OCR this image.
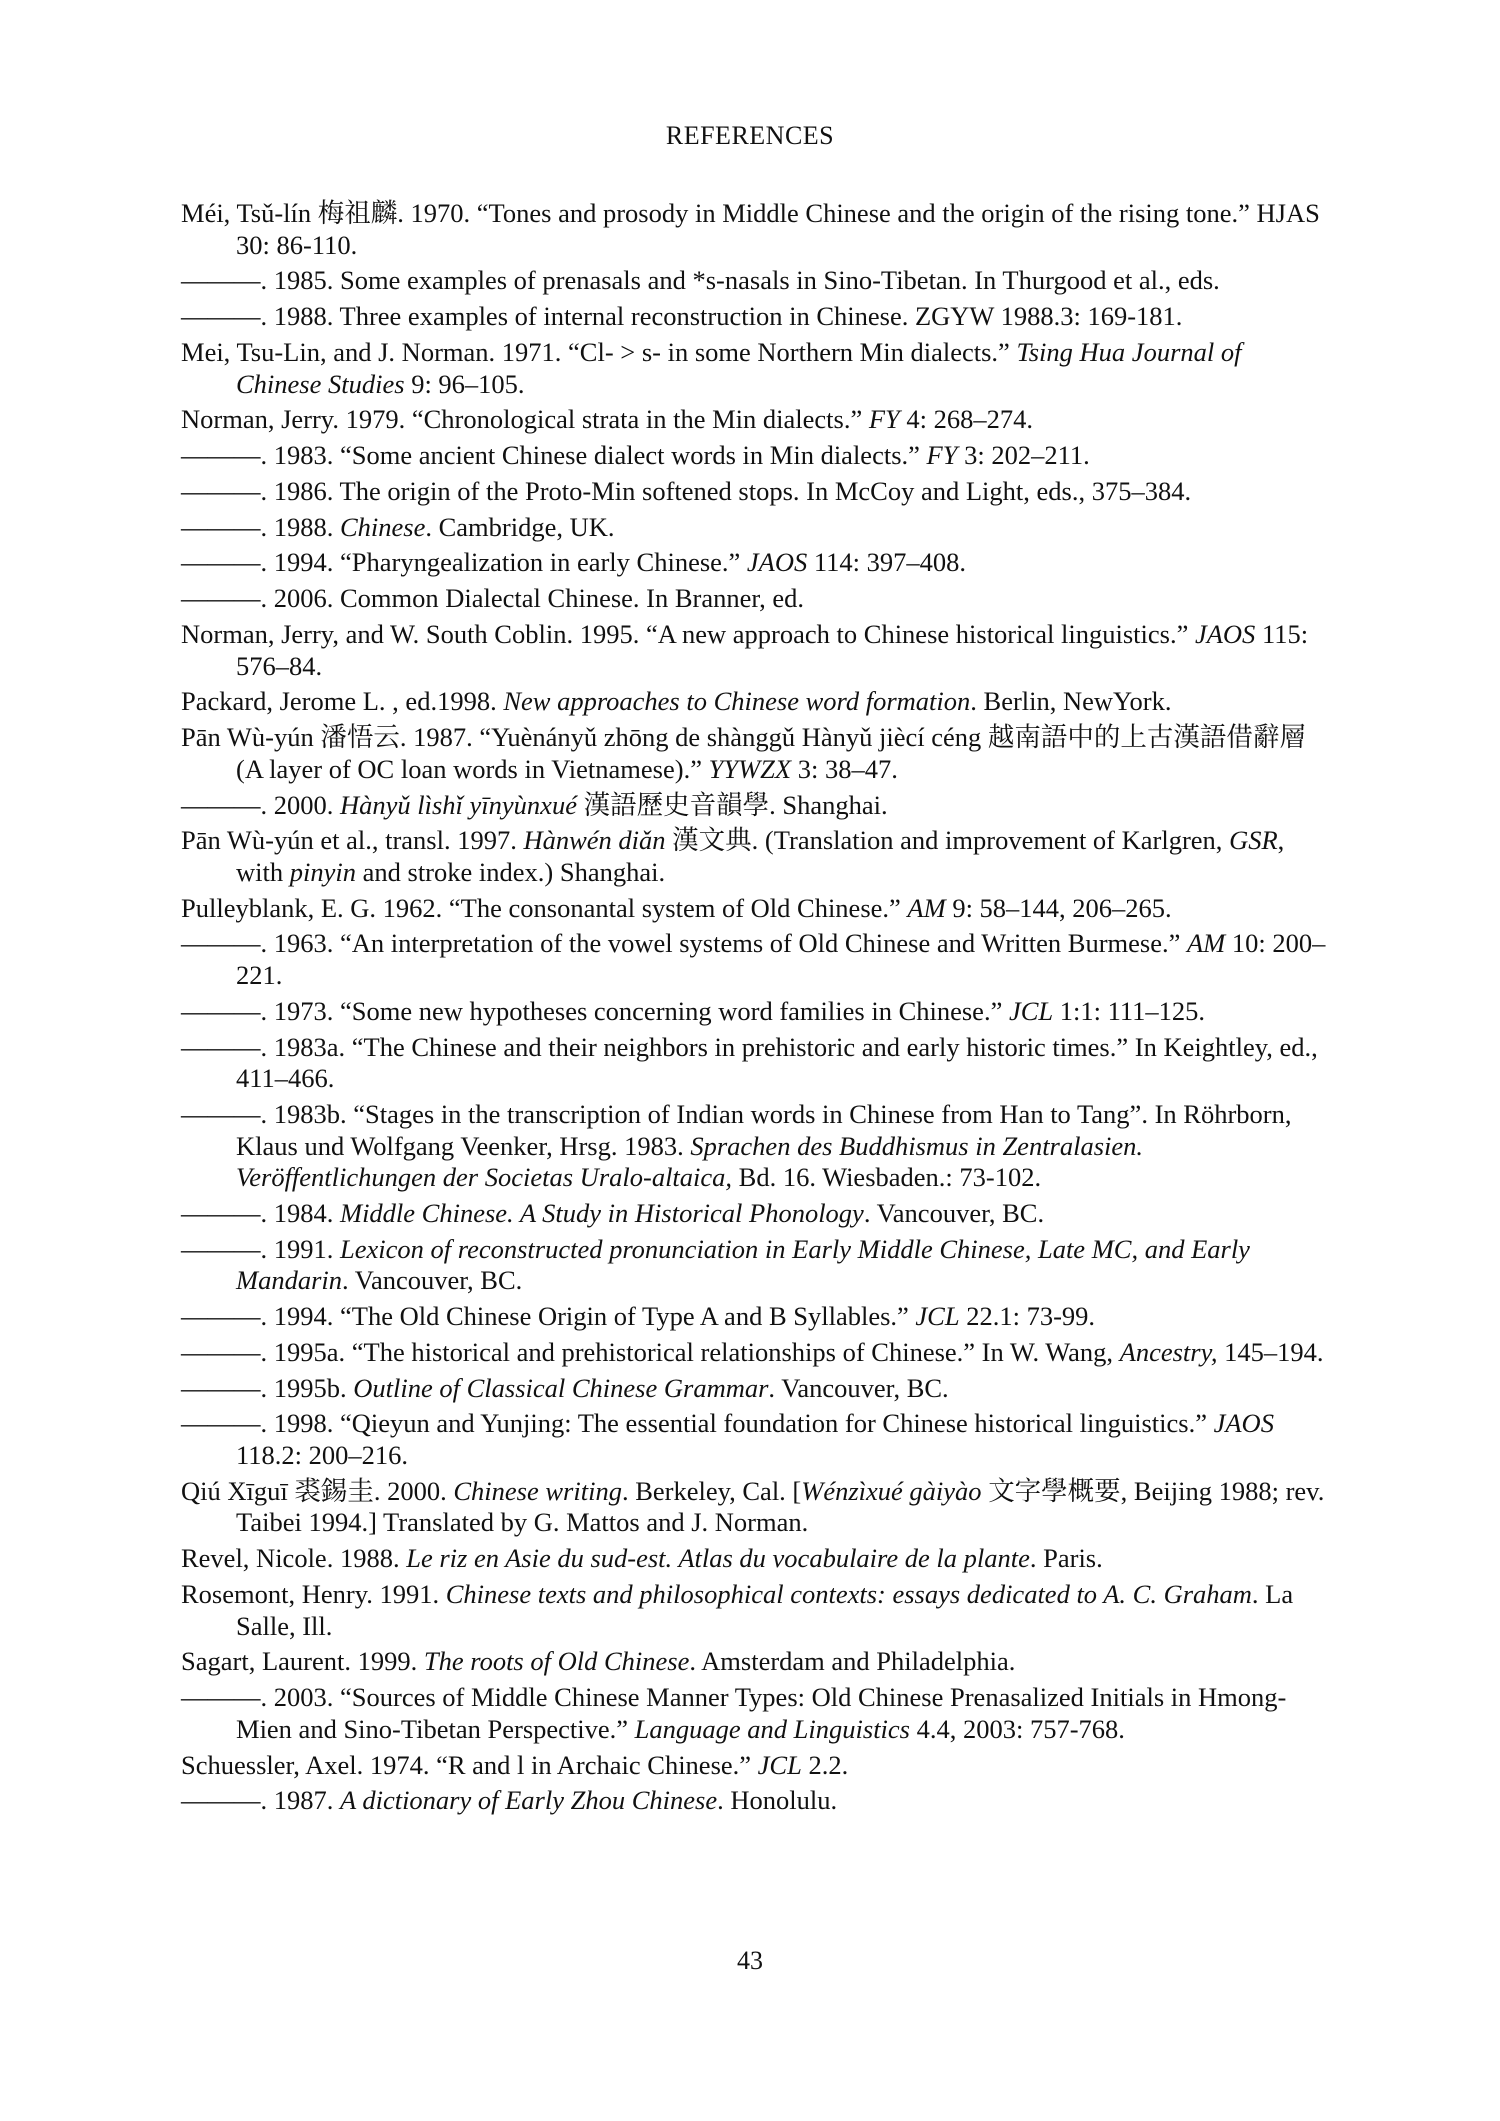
REFERENCES

Méi, Tsǔ-lín 梅祖麟. 1970. “Tones and prosody in Middle Chinese and the origin of the rising tone.” HJAS 30: 86-110.

———. 1985. Some examples of prenasals and *s-nasals in Sino-Tibetan. In Thurgood et al., eds.

———. 1988. Three examples of internal reconstruction in Chinese. ZGYW 1988.3: 169-181.

Mei, Tsu-Lin, and J. Norman. 1971. “Cl- > s- in some Northern Min dialects.” Tsing Hua Journal of Chinese Studies 9: 96–105.

Norman, Jerry. 1979. “Chronological strata in the Min dialects.” FY 4: 268–274.

———. 1983. “Some ancient Chinese dialect words in Min dialects.” FY 3: 202–211.

———. 1986. The origin of the Proto-Min softened stops. In McCoy and Light, eds., 375–384.

———. 1988. Chinese. Cambridge, UK.

———. 1994. “Pharyngealization in early Chinese.” JAOS 114: 397–408.

———. 2006. Common Dialectal Chinese. In Branner, ed.

Norman, Jerry, and W. South Coblin. 1995. “A new approach to Chinese historical linguistics.” JAOS 115: 576–84.

Packard, Jerome L. , ed.1998. New approaches to Chinese word formation. Berlin, NewYork.

Pān Wù-yún 潘悟云. 1987. “Yuènányǔ zhōng de shànggǔ Hànyǔ jiècí céng 越南語中的上古漢語借辭層 (A layer of OC loan words in Vietnamese).” YYWZX 3: 38–47.

———. 2000. Hànyǔ lìshǐ yīnyùnxué 漢語歷史音韻學. Shanghai.

Pān Wù-yún et al., transl. 1997. Hànwén diǎn 漢文典. (Translation and improvement of Karlgren, GSR, with pinyin and stroke index.) Shanghai.

Pulleyblank, E. G. 1962. “The consonantal system of Old Chinese.” AM 9: 58–144, 206–265.

———. 1963. “An interpretation of the vowel systems of Old Chinese and Written Burmese.” AM 10: 200–221.

———. 1973. “Some new hypotheses concerning word families in Chinese.” JCL 1:1: 111–125.

———. 1983a. “The Chinese and their neighbors in prehistoric and early historic times.” In Keightley, ed., 411–466.

———. 1983b. “Stages in the transcription of Indian words in Chinese from Han to Tang”. In Röhrborn, Klaus und Wolfgang Veenker, Hrsg. 1983. Sprachen des Buddhismus in Zentralasien. Veröffentlichungen der Societas Uralo-altaica, Bd. 16. Wiesbaden.: 73-102.

———. 1984. Middle Chinese. A Study in Historical Phonology. Vancouver, BC.

———. 1991. Lexicon of reconstructed pronunciation in Early Middle Chinese, Late MC, and Early Mandarin. Vancouver, BC.

———. 1994. “The Old Chinese Origin of Type A and B Syllables.” JCL 22.1: 73-99.

———. 1995a. “The historical and prehistorical relationships of Chinese.” In W. Wang, Ancestry, 145–194.

———. 1995b. Outline of Classical Chinese Grammar. Vancouver, BC.

———. 1998. “Qieyun and Yunjing: The essential foundation for Chinese historical linguistics.” JAOS 118.2: 200–216.

Qiú Xīguī 裘錫圭. 2000. Chinese writing. Berkeley, Cal. [Wénzìxué gàiyào 文字學概要, Beijing 1988; rev. Taibei 1994.] Translated by G. Mattos and J. Norman.

Revel, Nicole. 1988. Le riz en Asie du sud-est. Atlas du vocabulaire de la plante. Paris.

Rosemont, Henry. 1991. Chinese texts and philosophical contexts: essays dedicated to A. C. Graham. La Salle, Ill.

Sagart, Laurent. 1999. The roots of Old Chinese. Amsterdam and Philadelphia.

———. 2003. “Sources of Middle Chinese Manner Types: Old Chinese Prenasalized Initials in Hmong-Mien and Sino-Tibetan Perspective.” Language and Linguistics 4.4, 2003: 757-768.

Schuessler, Axel. 1974. “R and l in Archaic Chinese.” JCL 2.2.

———. 1987. A dictionary of Early Zhou Chinese. Honolulu.

43
